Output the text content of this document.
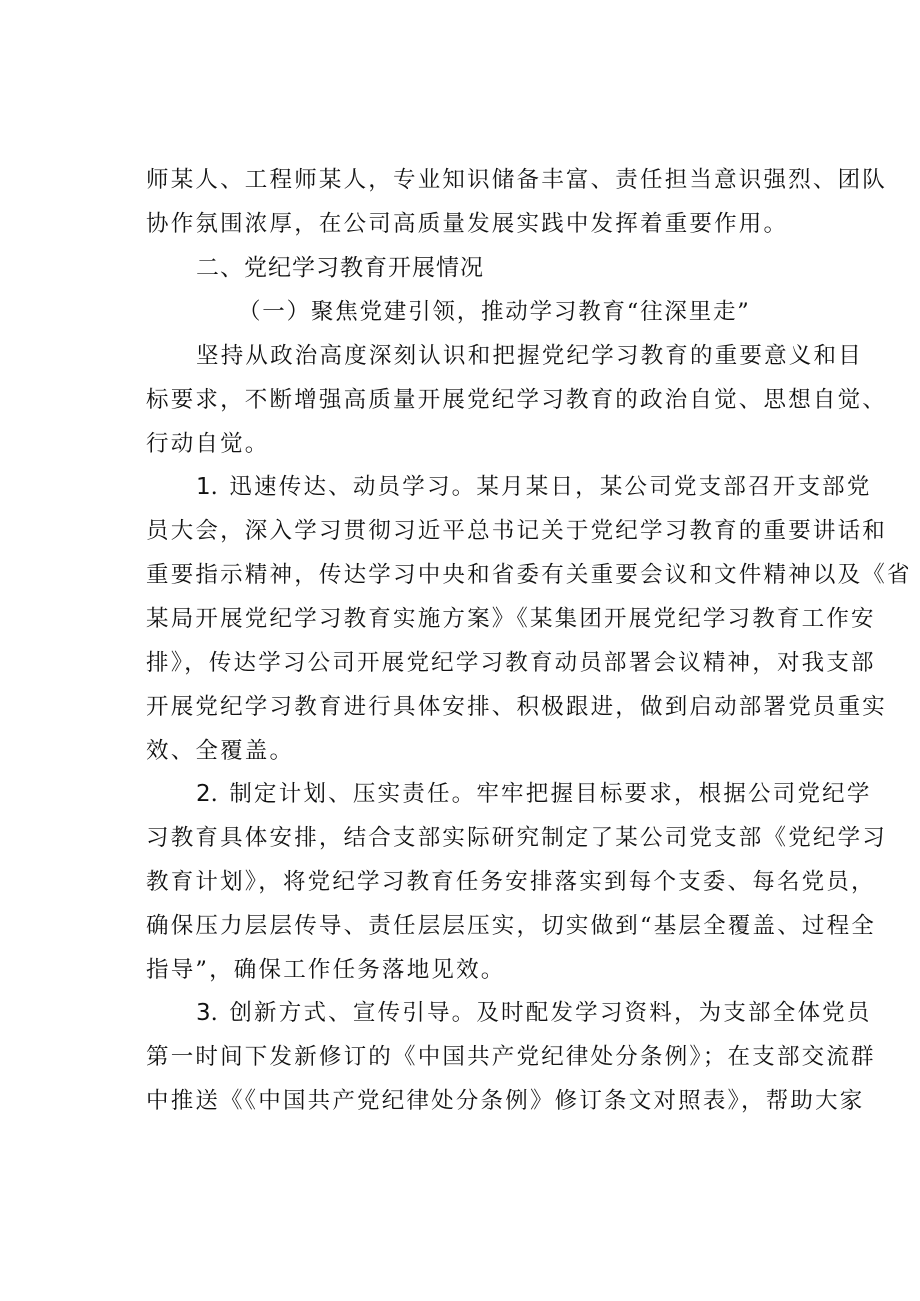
师某人、工程师某人，专业知识储备丰富、责任担当意识强烈、团队
协作氛围浓厚，在公司高质量发展实践中发挥着重要作用。
二、党纪学习教育开展情况
（一）聚焦党建引领，推动学习教育“往深里走”
坚持从政治高度深刻认识和把握党纪学习教育的重要意义和目
标要求，不断增强高质量开展党纪学习教育的政治自觉、思想自觉、
行动自觉。
1. 迅速传达、动员学习。某月某日，某公司党支部召开支部党
员大会，深入学习贯彻习近平总书记关于党纪学习教育的重要讲话和
重要指示精神，传达学习中央和省委有关重要会议和文件精神以及《省
某局开展党纪学习教育实施方案》《某集团开展党纪学习教育工作安
排》，传达学习公司开展党纪学习教育动员部署会议精神，对我支部
开展党纪学习教育进行具体安排、积极跟进，做到启动部署党员重实
效、全覆盖。
2. 制定计划、压实责任。牢牢把握目标要求，根据公司党纪学
习教育具体安排，结合支部实际研究制定了某公司党支部《党纪学习
教育计划》，将党纪学习教育任务安排落实到每个支委、每名党员，
确保压力层层传导、责任层层压实，切实做到“基层全覆盖、过程全
指导”，确保工作任务落地见效。
3. 创新方式、宣传引导。及时配发学习资料，为支部全体党员
第一时间下发新修订的《中国共产党纪律处分条例》；在支部交流群
中推送《《中国共产党纪律处分条例》修订条文对照表》，帮助大家
